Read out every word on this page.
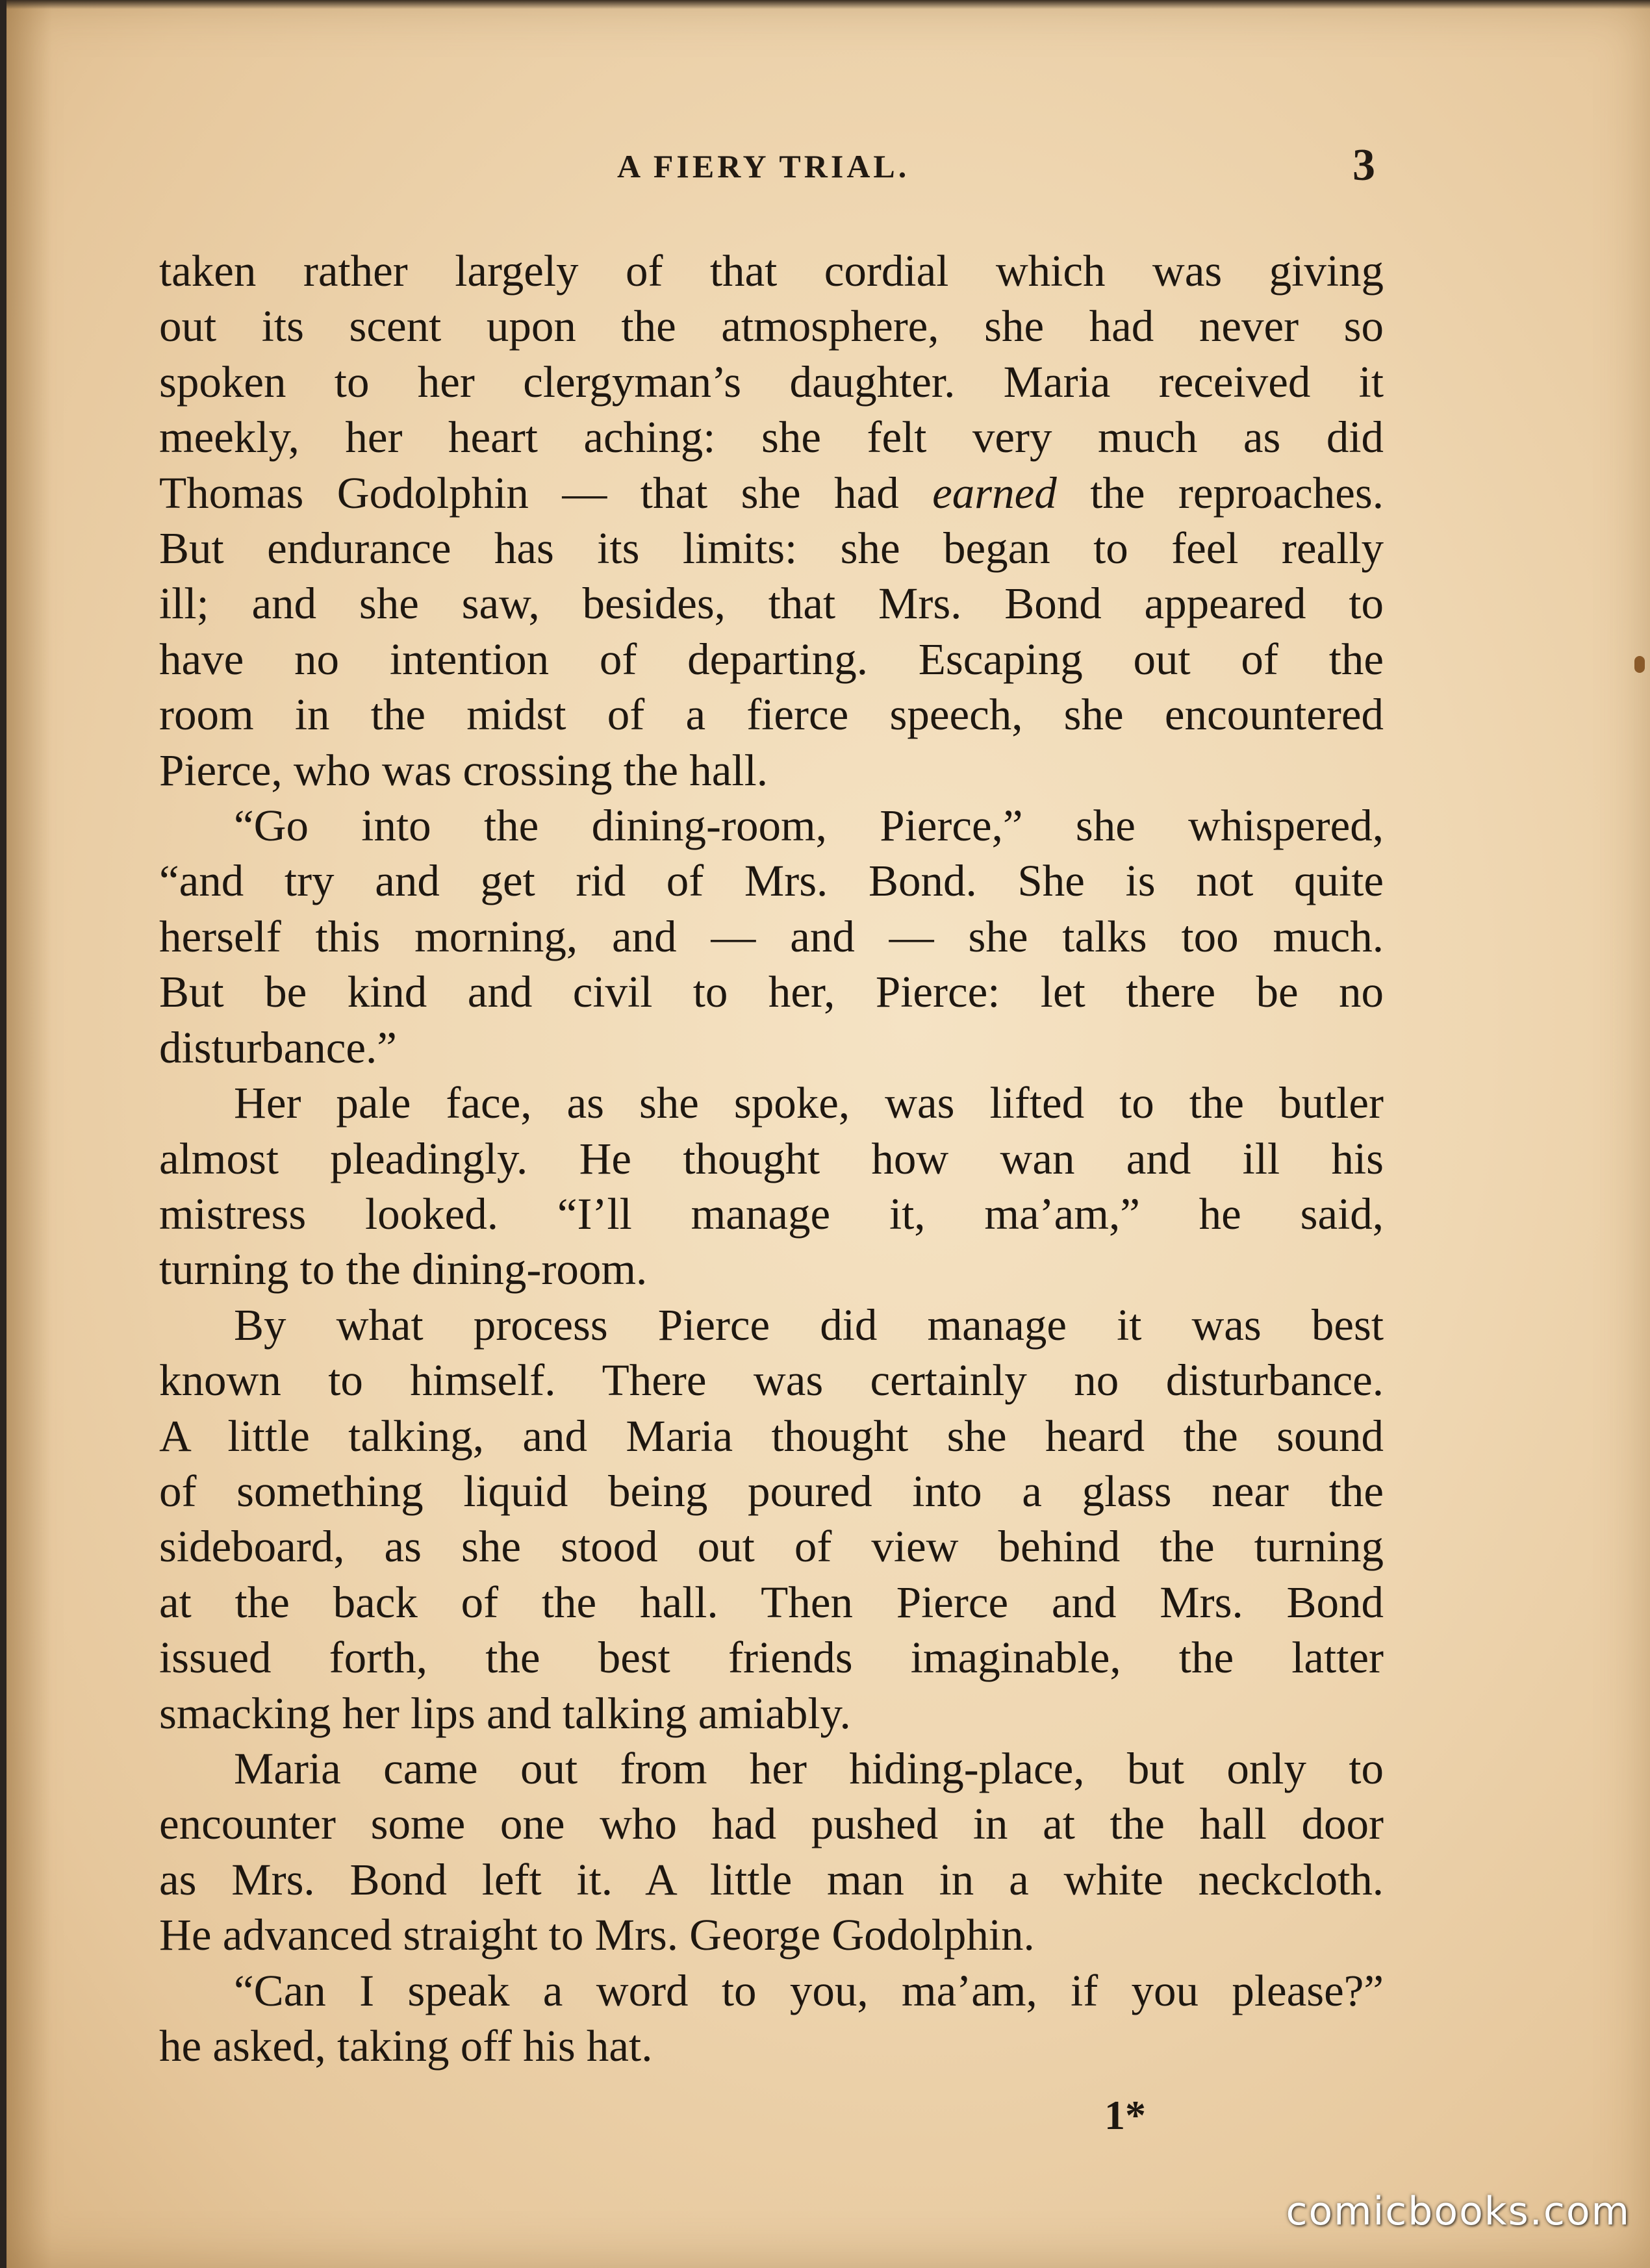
A FIERY TRIAL.	3

taken rather largely of that cordial which was giving

out its scent upon the atmosphere, she had never so

spoken to her clergyman’s daughter. Maria received it

meekly, her heart aching: she felt very much as did

Thomas Godolphin — that she had earned the reproaches.

But endurance has its limits: she began to feel really

ill; and she saw, besides, that Mrs. Bond appeared to

have no intention of departing. Escaping out of the

room in the midst of a fierce speech, she encountered

Pierce, who was crossing the hall.

“Go into the dining-room, Pierce,” she whispered,

“and try and get rid of Mrs. Bond. She is not quite

herself this morning, and — and — she talks too much.

But be kind and civil to her, Pierce: let there be no

disturbance.”

Her pale face, as she spoke, was lifted to the butler

almost pleadingly. He thought how wan and ill his

mistress looked. “I’ll manage it, ma’am,” he said,

turning to the dining-room.

By what process Pierce did manage it was best

known to himself. There was certainly no disturbance.

A little talking, and Maria thought she heard the sound

of something liquid being poured into a glass near the

sideboard, as she stood out of view behind the turning

at the back of the hall. Then Pierce and Mrs. Bond

issued forth, the best friends imaginable, the latter

smacking her lips and talking amiably.

Maria came out from her hiding-place, but only to

encounter some one who had pushed in at the hall door

as Mrs. Bond left it. A little man in a white neckcloth.

He advanced straight to Mrs. George Godolphin.

“Can I speak a word to you, ma’am, if you please?”

he asked, taking off his hat.

1*
comicbooks.com
